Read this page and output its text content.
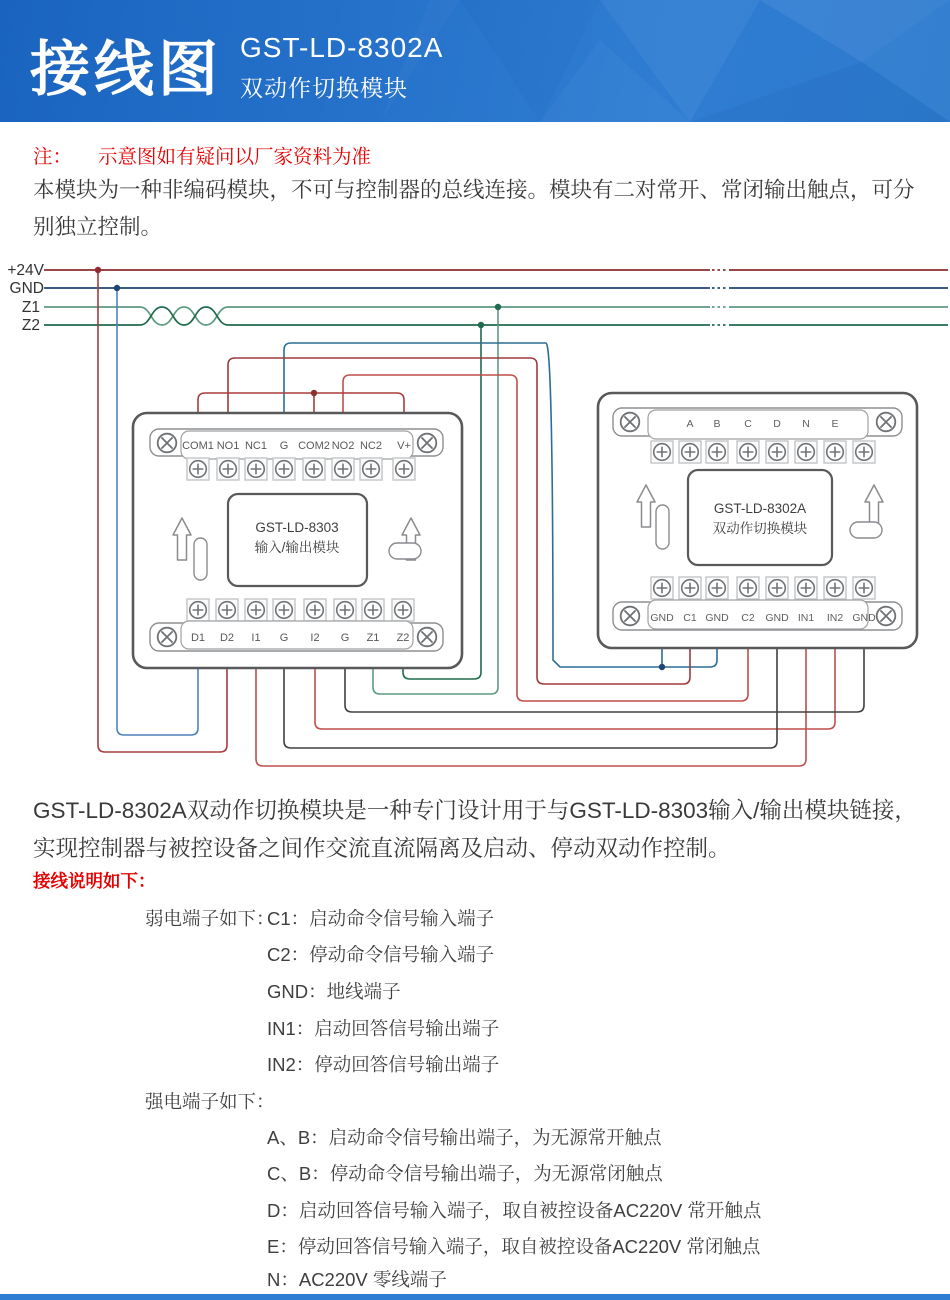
接线图 GST-LD-8302A
双动作切换模块
注： 示意图如有疑问以厂家资料为准
本模块为一种非编码模块，不可与控制器的总线连接。模块有二对常开、常闭输出触点，可分别独立控制。
+24V
GND
Z1
Z2
COM1 NO1 NC1 G COM2 NO2 NC2 V+
GST-LD-8303
输入/输出模块
D1 D2 I1 G I2 G Z1 Z2
A B C D N E
GST-LD-8302A
双动作切换模块
GND C1 GND C2 GND IN1 IN2 GND
GST-LD-8302A双动作切换模块是一种专门设计用于与GST-LD-8303输入/输出模块链接，实现控制器与被控设备之间作交流直流隔离及启动、停动双动作控制。
接线说明如下：
弱电端子如下：
C1：启动命令信号输入端子
C2：停动命令信号输入端子
GND：地线端子
IN1：启动回答信号输出端子
IN2：停动回答信号输出端子
强电端子如下：
A、B：启动命令信号输出端子，为无源常开触点
C、B：停动命令信号输出端子，为无源常闭触点
D：启动回答信号输入端子，取自被控设备AC220V 常开触点
E：停动回答信号输入端子，取自被控设备AC220V 常闭触点
N：AC220V 零线端子
